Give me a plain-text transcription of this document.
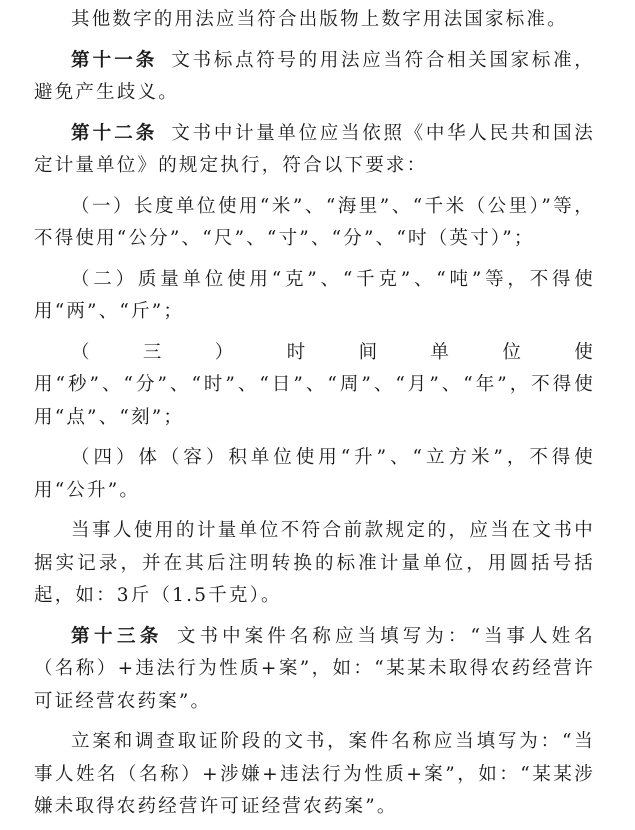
其他数字的用法应当符合出版物上数字用法国家标准。

第十一条 文书标点符号的用法应当符合相关国家标准，避免产生歧义。

第十二条 文书中计量单位应当依照《中华人民共和国法定计量单位》的规定执行，符合以下要求：

（一）长度单位使用“米”、“海里”、“千米（公里）”等，不得使用“公分”、“尺”、“寸”、“分”、“吋（英寸）”；

（二）质量单位使用“克”、“千克”、“吨”等，不得使用“两”、“斤”；

（三）时间单位使用“秒”、“分”、“时”、“日”、“周”、“月”、“年”，不得使用“点”、“刻”；

（四）体（容）积单位使用“升”、“立方米”，不得使用“公升”。

当事人使用的计量单位不符合前款规定的，应当在文书中据实记录，并在其后注明转换的标准计量单位，用圆括号括起，如：3斤（1.5千克）。

第十三条 文书中案件名称应当填写为：“当事人姓名（名称）+违法行为性质+案”，如：“某某未取得农药经营许可证经营农药案”。

立案和调查取证阶段的文书，案件名称应当填写为：“当事人姓名（名称）+涉嫌+违法行为性质+案”，如：“某某涉嫌未取得农药经营许可证经营农药案”。
